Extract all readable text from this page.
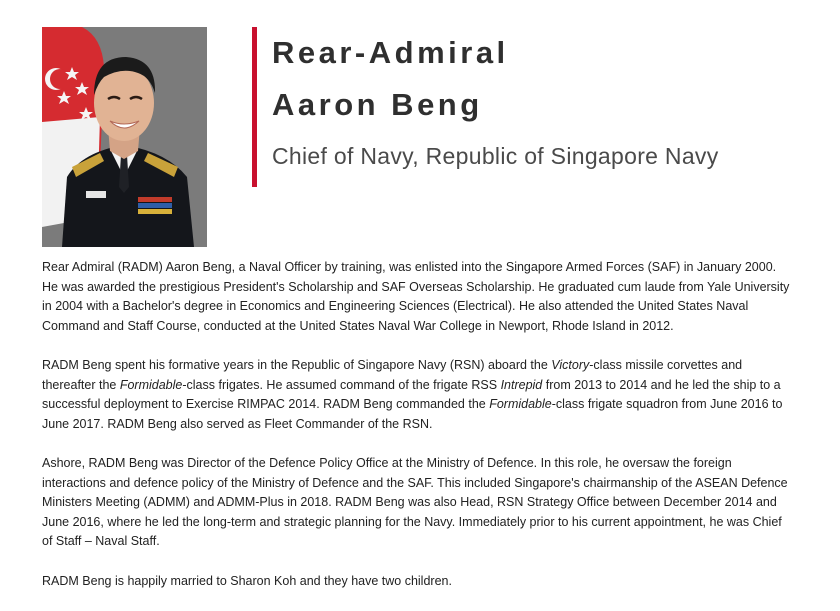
Rear-Admiral
Aaron Beng
Chief of Navy, Republic of Singapore Navy

Rear Admiral (RADM) Aaron Beng, a Naval Officer by training, was enlisted into the Singapore Armed Forces (SAF) in January 2000. He was awarded the prestigious President's Scholarship and SAF Overseas Scholarship. He graduated cum laude from Yale University in 2004 with a Bachelor's degree in Economics and Engineering Sciences (Electrical). He also attended the United States Naval Command and Staff Course, conducted at the United States Naval War College in Newport, Rhode Island in 2012.

RADM Beng spent his formative years in the Republic of Singapore Navy (RSN) aboard the Victory-class missile corvettes and thereafter the Formidable-class frigates. He assumed command of the frigate RSS Intrepid from 2013 to 2014 and he led the ship to a successful deployment to Exercise RIMPAC 2014. RADM Beng commanded the Formidable-class frigate squadron from June 2016 to June 2017. RADM Beng also served as Fleet Commander of the RSN.

Ashore, RADM Beng was Director of the Defence Policy Office at the Ministry of Defence. In this role, he oversaw the foreign interactions and defence policy of the Ministry of Defence and the SAF. This included Singapore's chairmanship of the ASEAN Defence Ministers Meeting (ADMM) and ADMM-Plus in 2018. RADM Beng was also Head, RSN Strategy Office between December 2014 and June 2016, where he led the long-term and strategic planning for the Navy. Immediately prior to his current appointment, he was Chief of Staff – Naval Staff.

RADM Beng is happily married to Sharon Koh and they have two children.
